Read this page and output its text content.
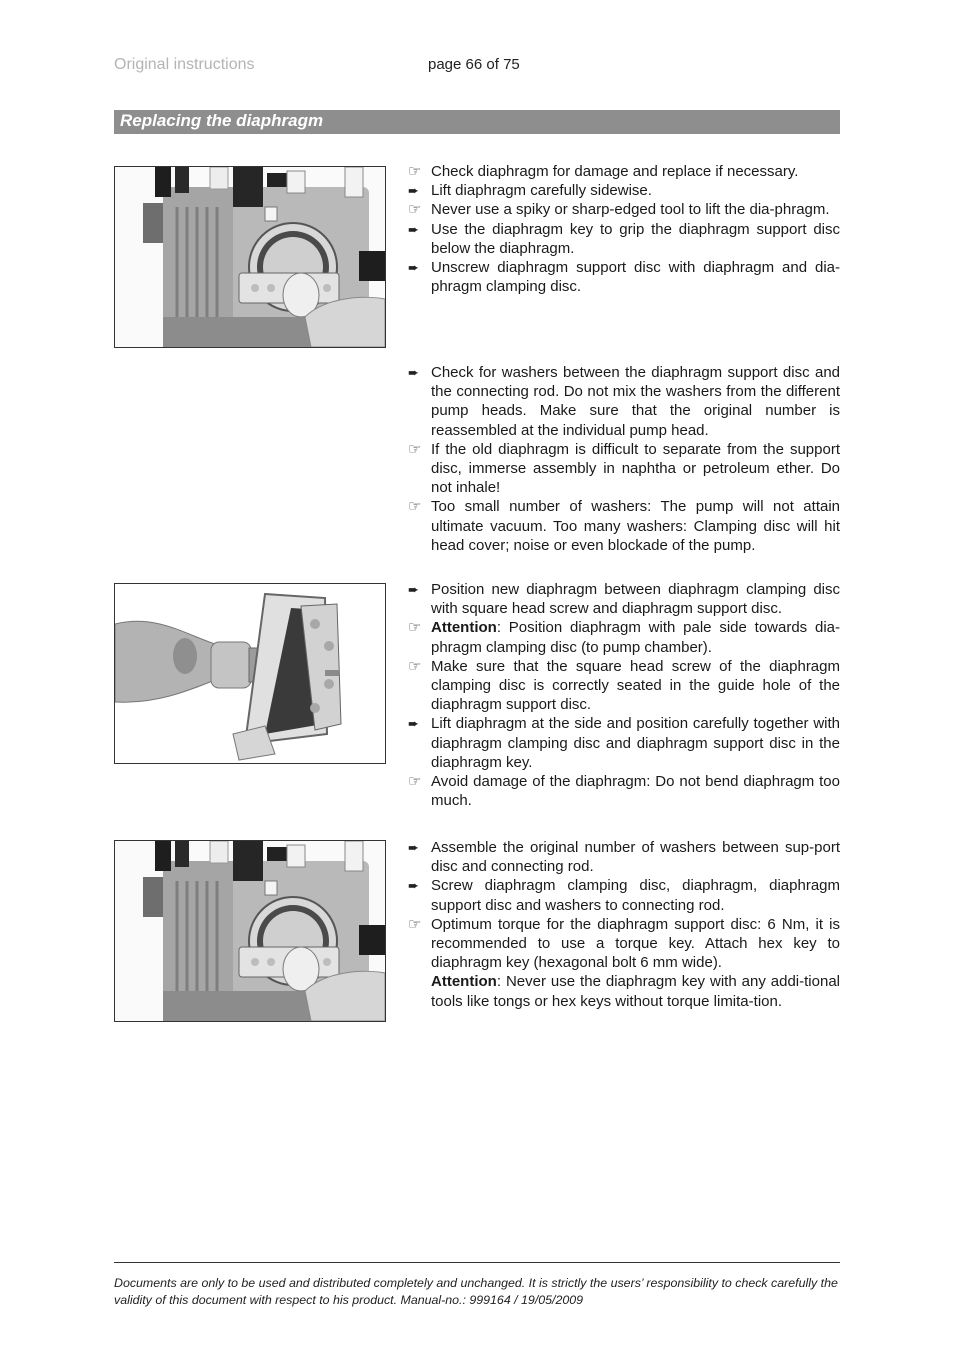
Original instructions	page 66 of 75
Replacing the diaphragm
☞ Check diaphragm for damage and replace if necessary.
➨ Lift diaphragm carefully sidewise.
☞ Never use a spiky or sharp-edged tool to lift the dia-phragm.
➨ Use the diaphragm key to grip the diaphragm support disc below the diaphragm.
➨ Unscrew diaphragm support disc with diaphragm and dia-phragm clamping disc.
➨ Check for washers between the diaphragm support disc and the connecting rod. Do not mix the washers from the different pump heads. Make sure that the original number is reassembled at the individual pump head.
☞ If the old diaphragm is difficult to separate from the support disc, immerse assembly in naphtha or petroleum ether. Do not inhale!
☞ Too small number of washers: The pump will not attain ultimate vacuum. Too many washers: Clamping disc will hit head cover; noise or even blockade of the pump.
➨ Position new diaphragm between diaphragm clamping disc with square head screw and diaphragm support disc.
☞ Attention: Position diaphragm with pale side towards dia-phragm clamping disc (to pump chamber).
☞ Make sure that the square head screw of the diaphragm clamping disc is correctly seated in the guide hole of the diaphragm support disc.
➨ Lift diaphragm at the side and position carefully together with diaphragm clamping disc and diaphragm support disc in the diaphragm key.
☞ Avoid damage of the diaphragm: Do not bend diaphragm too much.
➨ Assemble the original number of washers between sup-port disc and connecting rod.
➨ Screw diaphragm clamping disc, diaphragm, diaphragm support disc and washers to connecting rod.
☞ Optimum torque for the diaphragm support disc: 6 Nm, it is recommended to use a torque key. Attach hex key to diaphragm key (hexagonal bolt 6 mm wide).
Attention: Never use the diaphragm key with any addi-tional tools like tongs or hex keys without torque limita-tion.
Documents are only to be used and distributed completely and unchanged. It is strictly the users’ responsibility to check carefully the validity of this document with respect to his product. Manual-no.: 999164 / 19/05/2009
